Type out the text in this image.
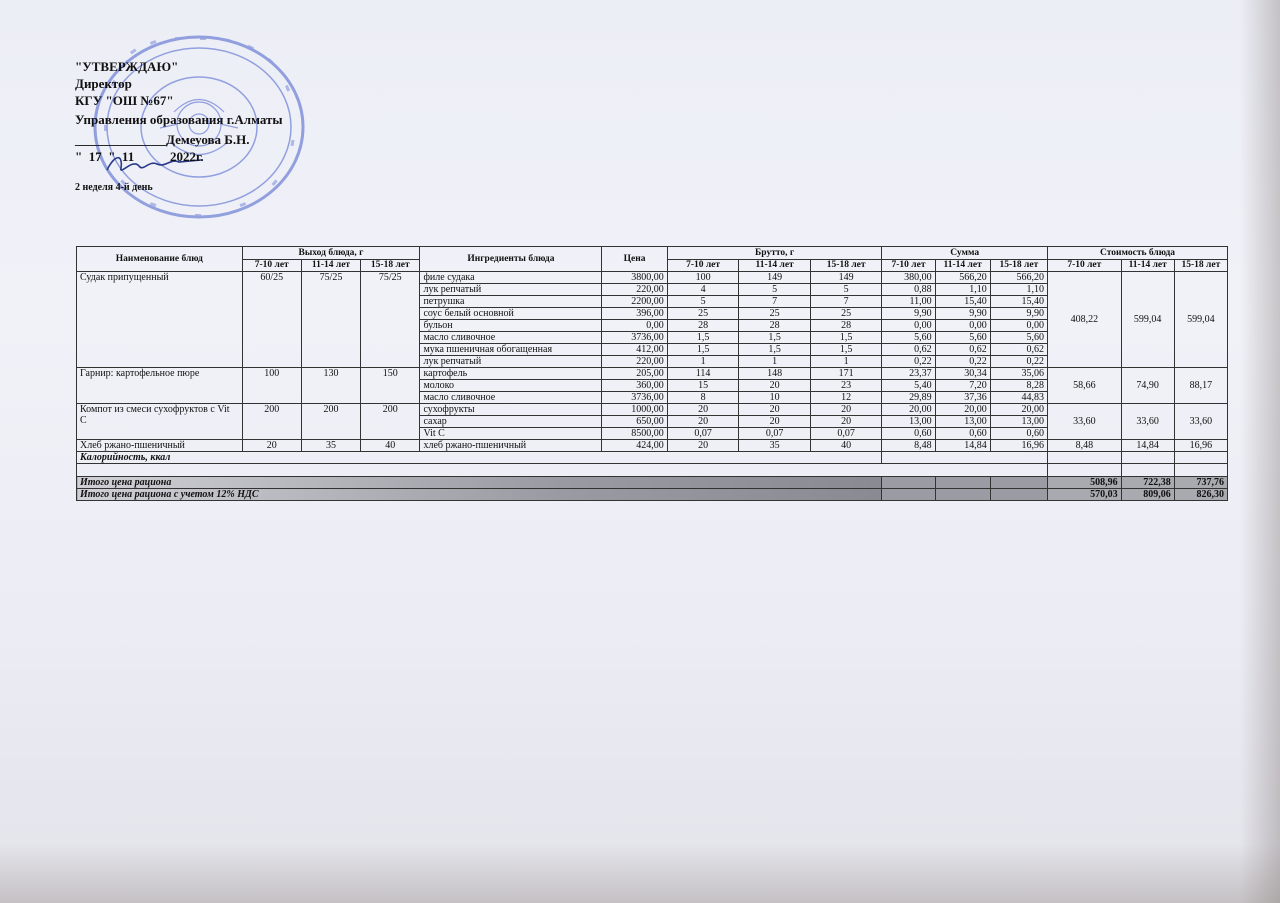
"УТВЕРЖДАЮ"
Директор
КГУ "ОШ №67"
Управления образования г.Алматы
______________Демеуова Б.Н.
"  17  "  11           2022г.
2 неделя 4-й день
Наименование блюд	Выход блюда, г			Ингредиенты блюда	Цена	Брутто, г			Сумма			Стоимость блюда		
	7-10 лет	11-14 лет	15-18 лет			7-10 лет	11-14 лет	15-18 лет	7-10 лет	11-14 лет	15-18 лет	7-10 лет	11-14 лет	15-18 лет
Судак припущенный	60/25	75/25	75/25	филе судака	3800,00	100	149	149	380,00	566,20	566,20	408,22	599,04	599,04
				лук репчатый	220,00	4	5	5	0,88	1,10	1,10			
				петрушка	2200,00	5	7	7	11,00	15,40	15,40			
				соус белый основной	396,00	25	25	25	9,90	9,90	9,90			
				бульон	0,00	28	28	28	0,00	0,00	0,00			
				масло сливочное	3736,00	1,5	1,5	1,5	5,60	5,60	5,60			
				мука пшеничная обогащенная	412,00	1,5	1,5	1,5	0,62	0,62	0,62			
				лук репчатый	220,00	1	1	1	0,22	0,22	0,22			
Гарнир: картофельное пюре	100	130	150	картофель	205,00	114	148	171	23,37	30,34	35,06	58,66	74,90	88,17
				молоко	360,00	15	20	23	5,40	7,20	8,28			
				масло сливочное	3736,00	8	10	12	29,89	37,36	44,83			
Компот из смеси сухофруктов с Vit C	200	200	200	сухофрукты	1000,00	20	20	20	20,00	20,00	20,00	33,60	33,60	33,60
				сахар	650,00	20	20	20	13,00	13,00	13,00			
				Vit C	8500,00	0,07	0,07	0,07	0,60	0,60	0,60			
Хлеб ржано-пшеничный	20	35	40	хлеб ржано-пшеничный	424,00	20	35	40	8,48	14,84	16,96	8,48	14,84	16,96
Калорийность, ккал														

Итого цена рациона												508,96	722,38	737,76
Итого цена рациона с учетом 12% НДС												570,03	809,06	826,30
